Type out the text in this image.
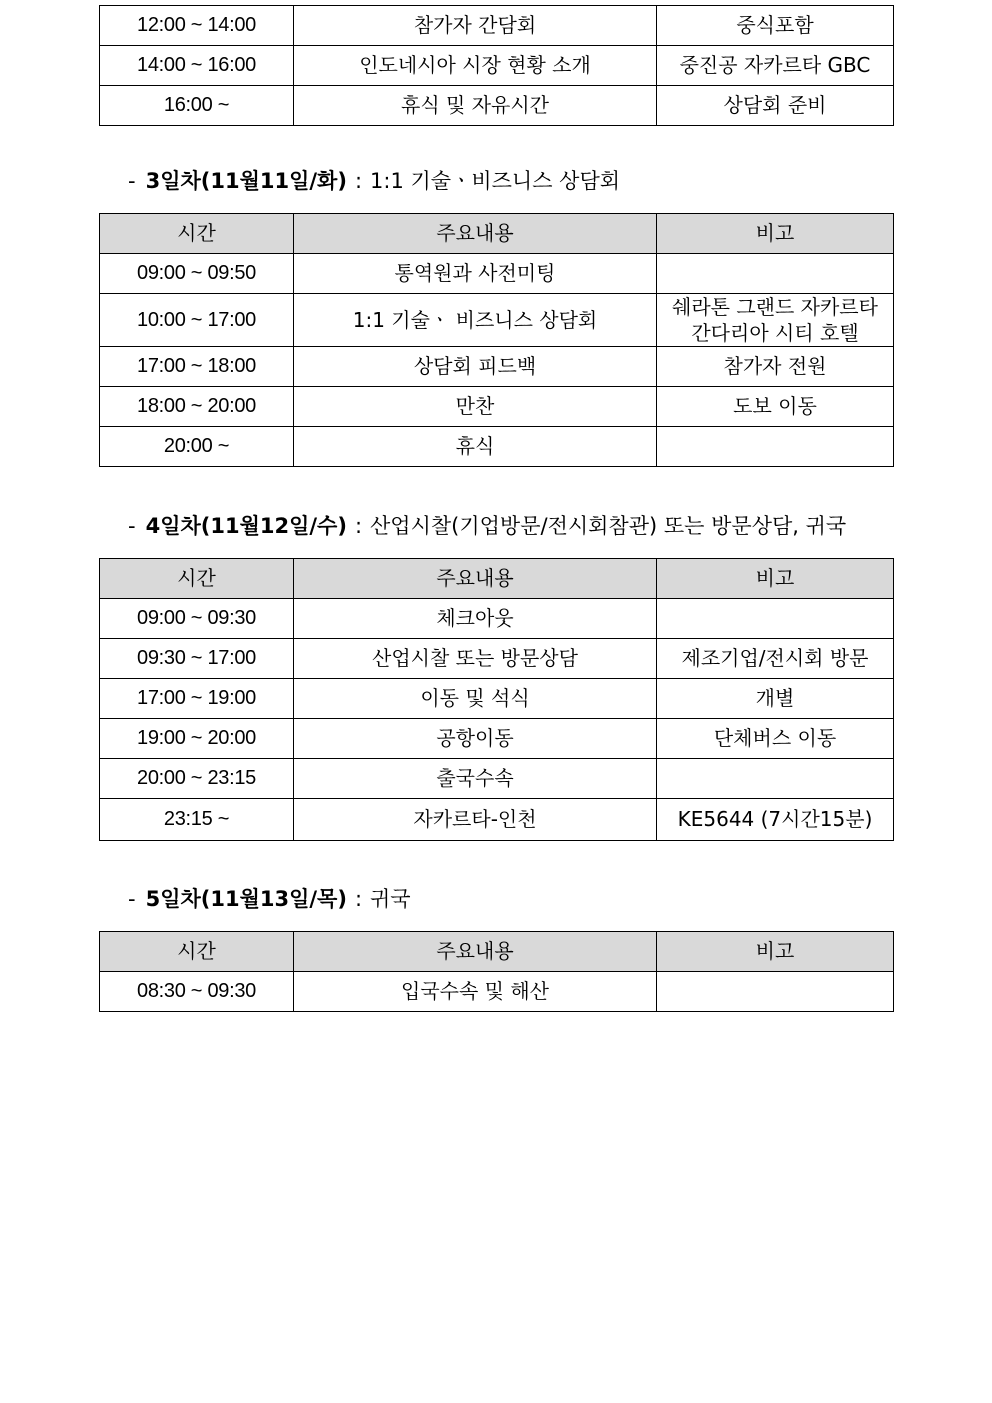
12:00 ~ 14:00	참가자 간담회	중식포함
14:00 ~ 16:00	인도네시아 시장 현황 소개	중진공 자카르타 GBC
16:00 ~	휴식 및 자유시간	상담회 준비
- 3일차(11월11일/화) : 1:1 기술ㆍ비즈니스 상담회
시간	주요내용	비고
09:00 ~ 09:50	통역원과 사전미팅	
10:00 ~ 17:00	1:1 기술ㆍ 비즈니스 상담회	쉐라톤 그랜드 자카르타
간다리아 시티 호텔

17:00 ~ 18:00	상담회 피드백	참가자 전원
18:00 ~ 20:00	만찬	도보 이동
20:00 ~	휴식	
- 4일차(11월12일/수) : 산업시찰(기업방문/전시회참관) 또는 방문상담, 귀국
시간	주요내용	비고
09:00 ~ 09:30	체크아웃	
09:30 ~ 17:00	산업시찰 또는 방문상담	제조기업/전시회 방문
17:00 ~ 19:00	이동 및 석식	개별
19:00 ~ 20:00	공항이동	단체버스 이동
20:00 ~ 23:15	출국수속	
23:15 ~	자카르타-인천	KE5644 (7시간15분)
- 5일차(11월13일/목) : 귀국
시간	주요내용	비고
08:30 ~ 09:30	입국수속 및 해산	
